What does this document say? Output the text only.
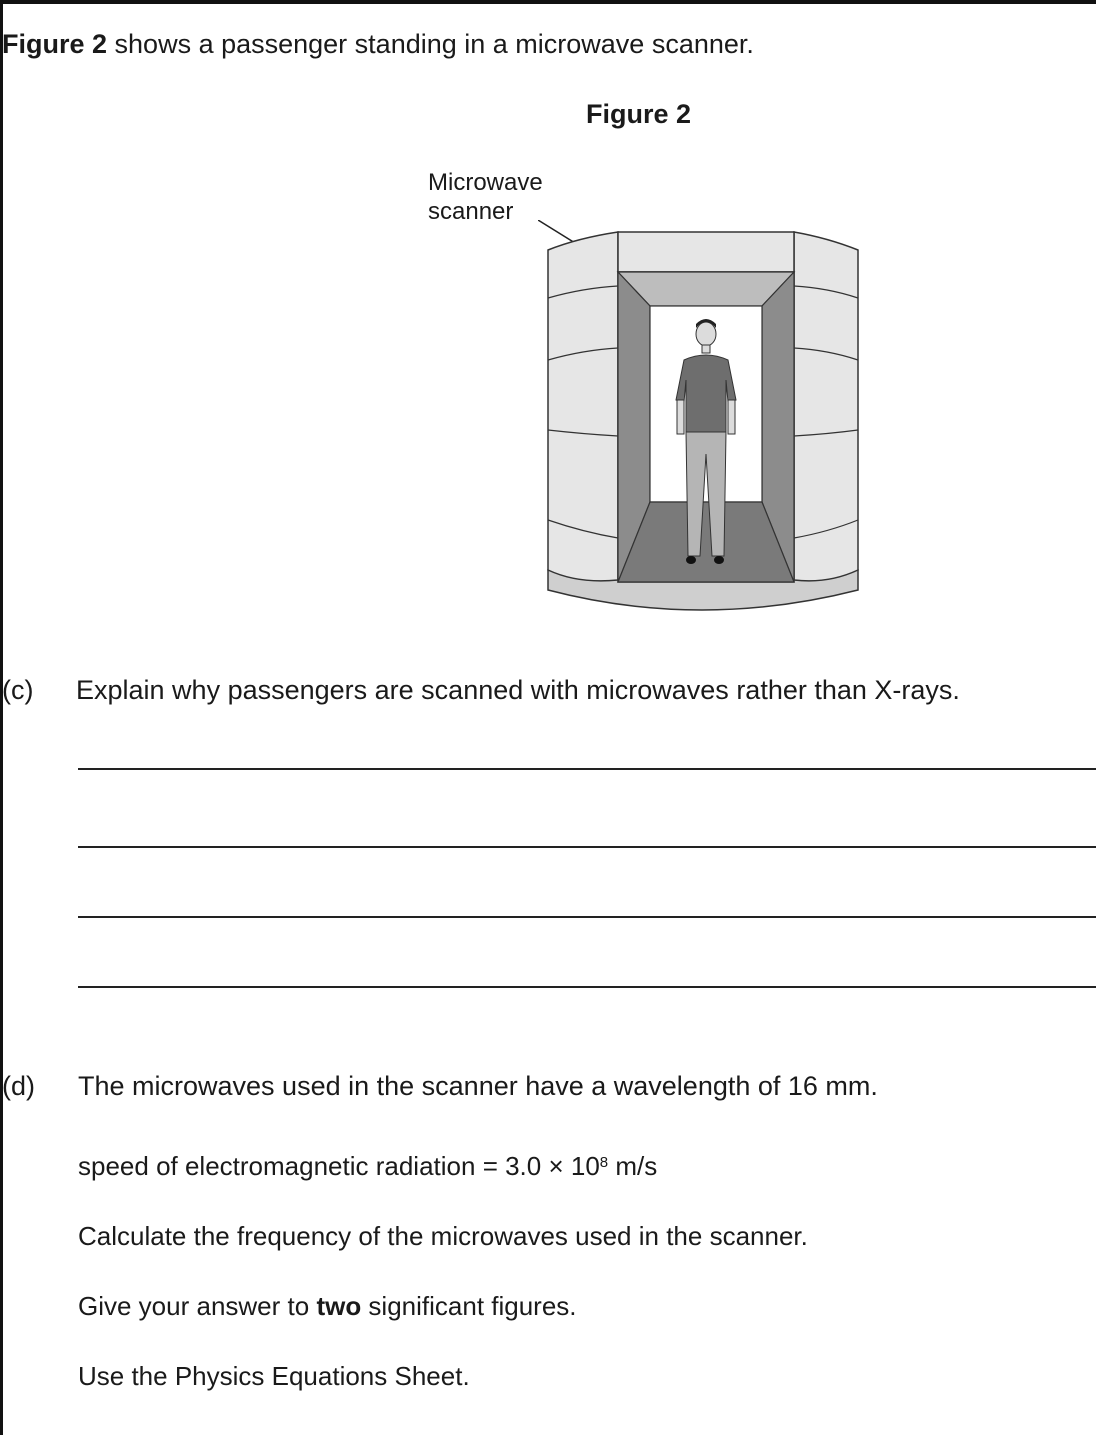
Figure 2 shows a passenger standing in a microwave scanner.
Figure 2
Microwave
scanner
(c) Explain why passengers are scanned with microwaves rather than X-rays.
(d) The microwaves used in the scanner have a wavelength of 16 mm.
speed of electromagnetic radiation = $3.0 \times 10^8$ m/s
Calculate the frequency of the microwaves used in the scanner.
Give your answer to two significant figures.
Use the Physics Equations Sheet.
